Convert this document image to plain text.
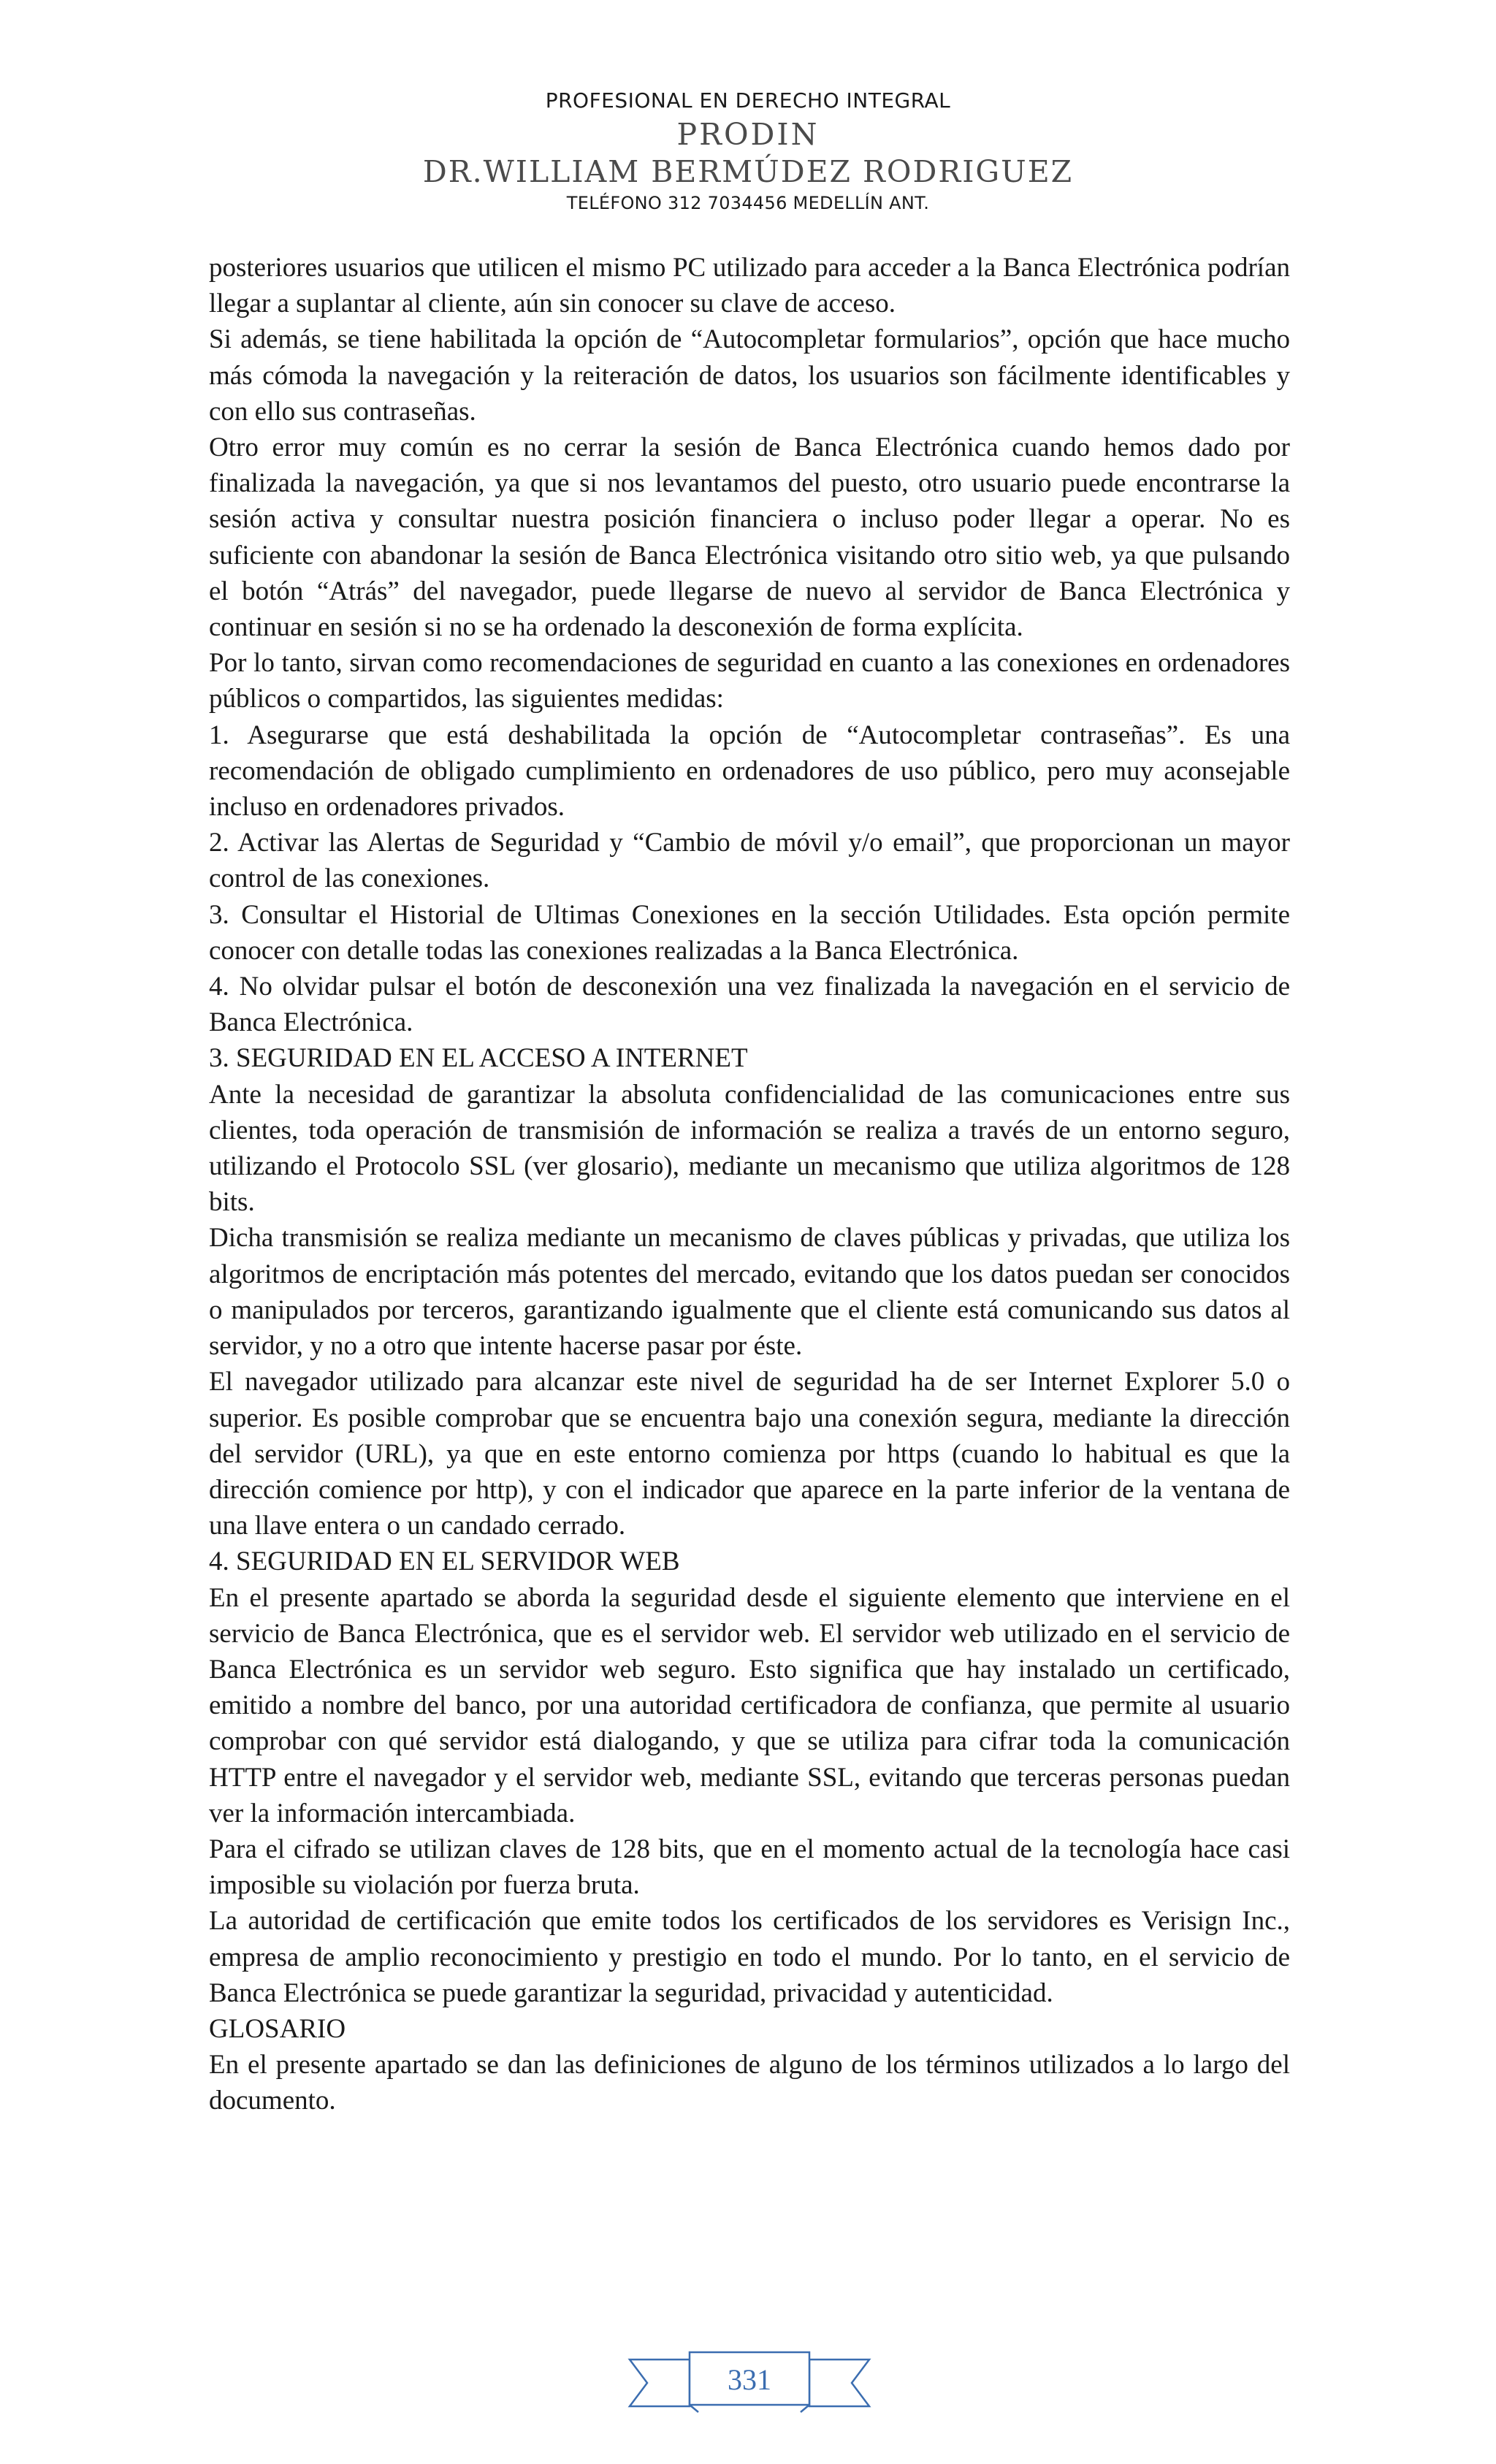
PROFESIONAL EN DERECHO INTEGRAL
PRODIN
DR.WILLIAM BERMÚDEZ RODRIGUEZ
TELÉFONO 312 7034456 MEDELLÍN ANT.

posteriores usuarios que utilicen el mismo PC utilizado para acceder a la Banca Electrónica podrían llegar a suplantar al cliente, aún sin conocer su clave de acceso.

Si además, se tiene habilitada la opción de “Autocompletar formularios”, opción que hace mucho más cómoda la navegación y la reiteración de datos, los usuarios son fácilmente identificables y con ello sus contraseñas.

Otro error muy común es no cerrar la sesión de Banca Electrónica cuando hemos dado por finalizada la navegación, ya que si nos levantamos del puesto, otro usuario puede encontrarse la sesión activa y consultar nuestra posición financiera o incluso poder llegar a operar. No es suficiente con abandonar la sesión de Banca Electrónica visitando otro sitio web, ya que pulsando el botón “Atrás” del navegador, puede llegarse de nuevo al servidor de Banca Electrónica y continuar en sesión si no se ha ordenado la desconexión de forma explícita.

Por lo tanto, sirvan como recomendaciones de seguridad en cuanto a las conexiones en ordenadores públicos o compartidos, las siguientes medidas:

1. Asegurarse que está deshabilitada la opción de “Autocompletar contraseñas”. Es una recomendación de obligado cumplimiento en ordenadores de uso público, pero muy aconsejable incluso en ordenadores privados.

2. Activar las Alertas de Seguridad y “Cambio de móvil y/o email”, que proporcionan un mayor control de las conexiones.

3. Consultar el Historial de Ultimas Conexiones en la sección Utilidades. Esta opción permite conocer con detalle todas las conexiones realizadas a la Banca Electrónica.

4. No olvidar pulsar el botón de desconexión una vez finalizada la navegación en el servicio de Banca Electrónica.

3. SEGURIDAD EN EL ACCESO A INTERNET

Ante la necesidad de garantizar la absoluta confidencialidad de las comunicaciones entre sus clientes, toda operación de transmisión de información se realiza a través de un entorno seguro, utilizando el Protocolo SSL (ver glosario), mediante un mecanismo que utiliza algoritmos de 128 bits.

Dicha transmisión se realiza mediante un mecanismo de claves públicas y privadas, que utiliza los algoritmos de encriptación más potentes del mercado, evitando que los datos puedan ser conocidos o manipulados por terceros, garantizando igualmente que el cliente está comunicando sus datos al servidor, y no a otro que intente hacerse pasar por éste.

El navegador utilizado para alcanzar este nivel de seguridad ha de ser Internet Explorer 5.0 o superior. Es posible comprobar que se encuentra bajo una conexión segura, mediante la dirección del servidor (URL), ya que en este entorno comienza por https (cuando lo habitual es que la dirección comience por http), y con el indicador que aparece en la parte inferior de la ventana de una llave entera o un candado cerrado.

4. SEGURIDAD EN EL SERVIDOR WEB

En el presente apartado se aborda la seguridad desde el siguiente elemento que interviene en el servicio de Banca Electrónica, que es el servidor web. El servidor web utilizado en el servicio de Banca Electrónica es un servidor web seguro. Esto significa que hay instalado un certificado, emitido a nombre del banco, por una autoridad certificadora de confianza, que permite al usuario comprobar con qué servidor está dialogando, y que se utiliza para cifrar toda la comunicación HTTP entre el navegador y el servidor web, mediante SSL, evitando que terceras personas puedan ver la información intercambiada.

Para el cifrado se utilizan claves de 128 bits, que en el momento actual de la tecnología hace casi imposible su violación por fuerza bruta.

La autoridad de certificación que emite todos los certificados de los servidores es Verisign Inc., empresa de amplio reconocimiento y prestigio en todo el mundo. Por lo tanto, en el servicio de Banca Electrónica se puede garantizar la seguridad, privacidad y autenticidad.

GLOSARIO

En el presente apartado se dan las definiciones de alguno de los términos utilizados a lo largo del documento.

331
